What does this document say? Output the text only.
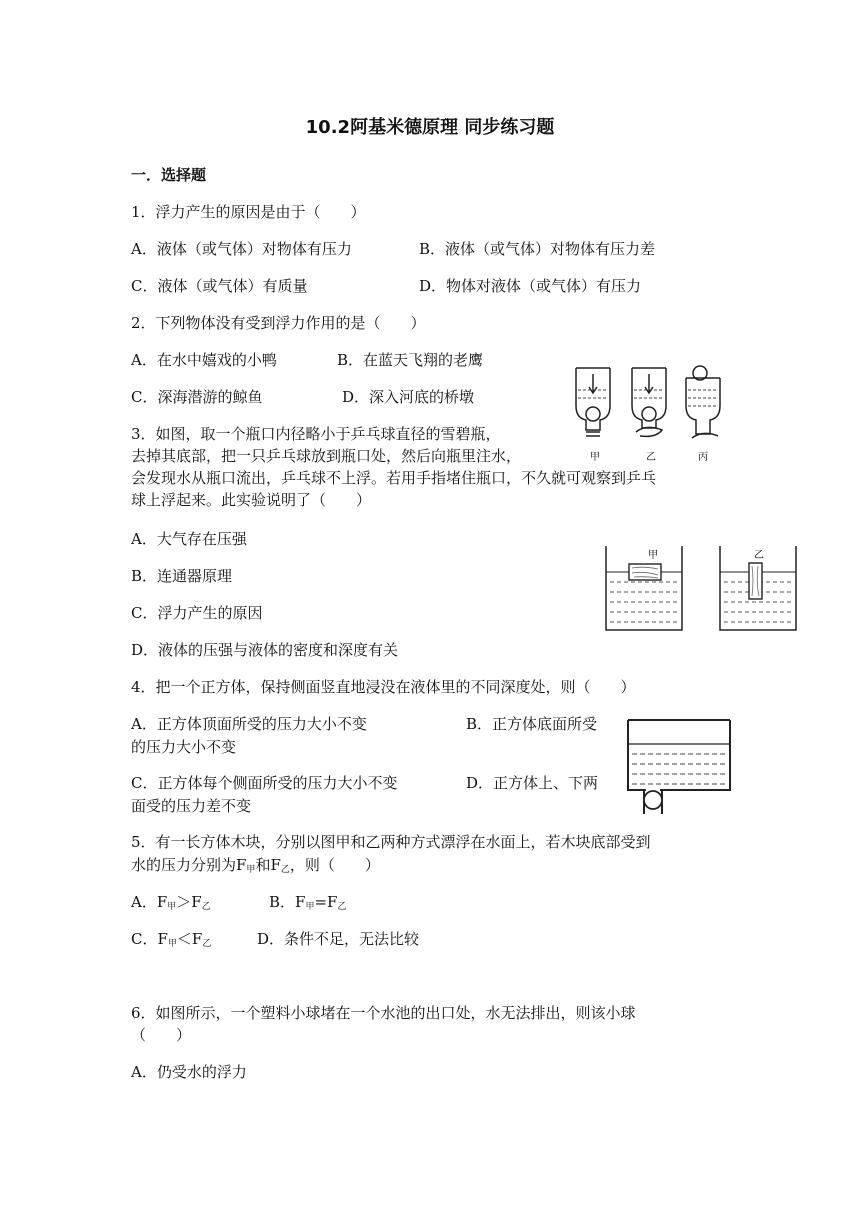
10.2阿基米德原理 同步练习题
一．选择题
1．浮力产生的原因是由于（　　）
A．液体（或气体）对物体有压力	B．液体（或气体）对物体有压力差
C．液体（或气体）有质量	D．物体对液体（或气体）有压力
2．下列物体没有受到浮力作用的是（　　）
A．在水中嬉戏的小鸭	B．在蓝天飞翔的老鹰
C．深海潜游的鲸鱼	D．深入河底的桥墩
3．如图，取一个瓶口内径略小于乒乓球直径的雪碧瓶，
去掉其底部，把一只乒乓球放到瓶口处，然后向瓶里注水，
会发现水从瓶口流出，乒乓球不上浮。若用手指堵住瓶口，不久就可观察到乒乓
球上浮起来。此实验说明了（　　）
A．大气存在压强
B．连通器原理
C．浮力产生的原因
D．液体的压强与液体的密度和深度有关
4．把一个正方体，保持侧面竖直地浸没在液体里的不同深度处，则（　　）
A．正方体顶面所受的压力大小不变	B．正方体底面所受
的压力大小不变
C．正方体每个侧面所受的压力大小不变	D．正方体上、下两
面受的压力差不变
5．有一长方体木块，分别以图甲和乙两种方式漂浮在水面上，若木块底部受到
水的压力分别为$F_甲$和$F_乙$，则（　　）
A．$F_甲>F_乙$	B．$F_甲=F_乙$
C．$F_甲<F_乙$	D．条件不足，无法比较
6．如图所示，一个塑料小球堵在一个水池的出口处，水无法排出，则该小球
（　　）
A．仍受水的浮力
甲	乙	丙
甲	乙
